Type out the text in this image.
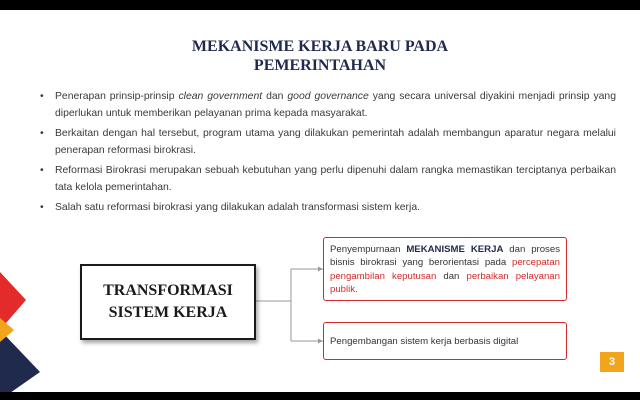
MEKANISME KERJA BARU PADA
PEMERINTAHAN
• Penerapan prinsip-prinsip clean government dan good governance yang secara universal diyakini menjadi prinsip yang diperlukan untuk memberikan pelayanan prima kepada masyarakat.
• Berkaitan dengan hal tersebut, program utama yang dilakukan pemerintah adalah membangun aparatur negara melalui penerapan reformasi birokrasi.
• Reformasi Birokrasi merupakan sebuah kebutuhan yang perlu dipenuhi dalam rangka memastikan terciptanya perbaikan tata kelola pemerintahan.
• Salah satu reformasi birokrasi yang dilakukan adalah transformasi sistem kerja.
TRANSFORMASI
SISTEM KERJA
Penyempurnaan MEKANISME KERJA dan proses bisnis birokrasi yang berorientasi pada percepatan pengambilan keputusan dan perbaikan pelayanan publik.
Pengembangan sistem kerja berbasis digital
3
